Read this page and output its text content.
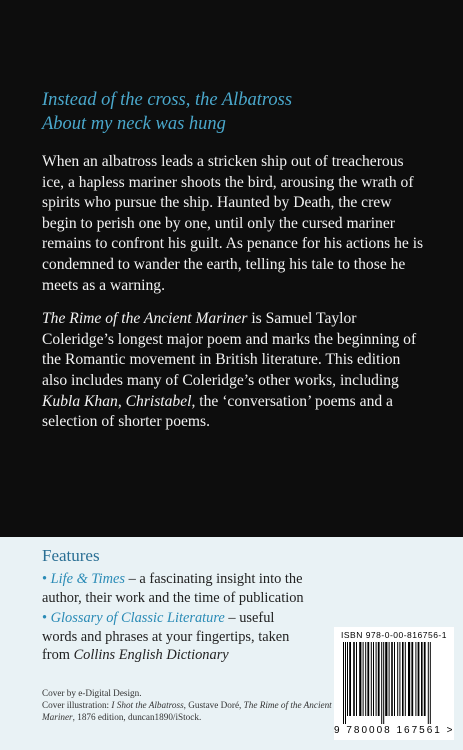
Instead of the cross, the Albatross
About my neck was hung

When an albatross leads a stricken ship out of treacherous ice, a hapless mariner shoots the bird, arousing the wrath of spirits who pursue the ship. Haunted by Death, the crew begin to perish one by one, until only the cursed mariner remains to confront his guilt. As penance for his actions he is condemned to wander the earth, telling his tale to those he meets as a warning.

The Rime of the Ancient Mariner is Samuel Taylor Coleridge’s longest major poem and marks the beginning of the Romantic movement in British literature. This edition also includes many of Coleridge’s other works, including Kubla Khan, Christabel, the ‘conversation’ poems and a selection of shorter poems.

Features
• Life & Times – a fascinating insight into the author, their work and the time of publication
• Glossary of Classic Literature – useful words and phrases at your fingertips, taken from Collins English Dictionary
Cover by e-Digital Design.
Cover illustration: I Shot the Albatross, Gustave Doré, The Rime of the Ancient Mariner, 1876 edition, duncan1890/iStock.
ISBN 978-0-00-816756-1
9 780008 167561 >
